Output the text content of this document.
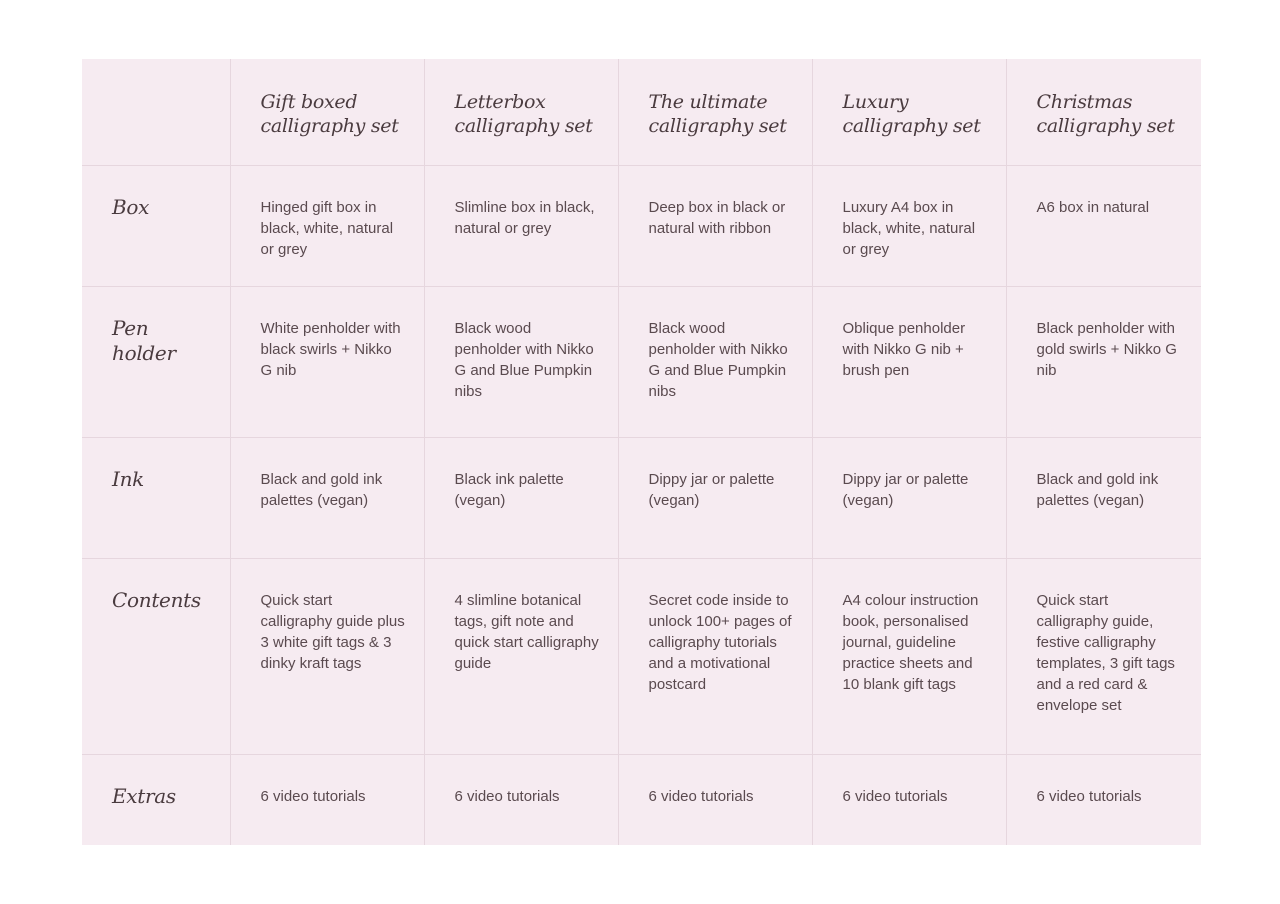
	Gift boxed calligraphy set	Letterbox calligraphy set	The ultimate calligraphy set	Luxury calligraphy set	Christmas calligraphy set
Box	Hinged gift box in black, white, natural or grey	Slimline box in black, natural or grey	Deep box in black or natural with ribbon	Luxury A4 box in black, white, natural or grey	A6 box in natural
Pen holder	White penholder with black swirls + Nikko G nib	Black wood penholder with Nikko G and Blue Pumpkin nibs	Black wood penholder with Nikko G and Blue Pumpkin nibs	Oblique penholder with Nikko G nib + brush pen	Black penholder with gold swirls + Nikko G nib
Ink	Black and gold ink palettes (vegan)	Black ink palette (vegan)	Dippy jar or palette (vegan)	Dippy jar or palette (vegan)	Black and gold ink palettes (vegan)
Contents	Quick start calligraphy guide plus 3 white gift tags & 3 dinky kraft tags	4 slimline botanical tags, gift note and quick start calligraphy guide	Secret code inside to unlock 100+ pages of calligraphy tutorials and a motivational postcard	A4 colour instruction book, personalised journal, guideline practice sheets and 10 blank gift tags	Quick start calligraphy guide, festive calligraphy templates, 3 gift tags and a red card & envelope set
Extras	6 video tutorials	6 video tutorials	6 video tutorials	6 video tutorials	6 video tutorials
